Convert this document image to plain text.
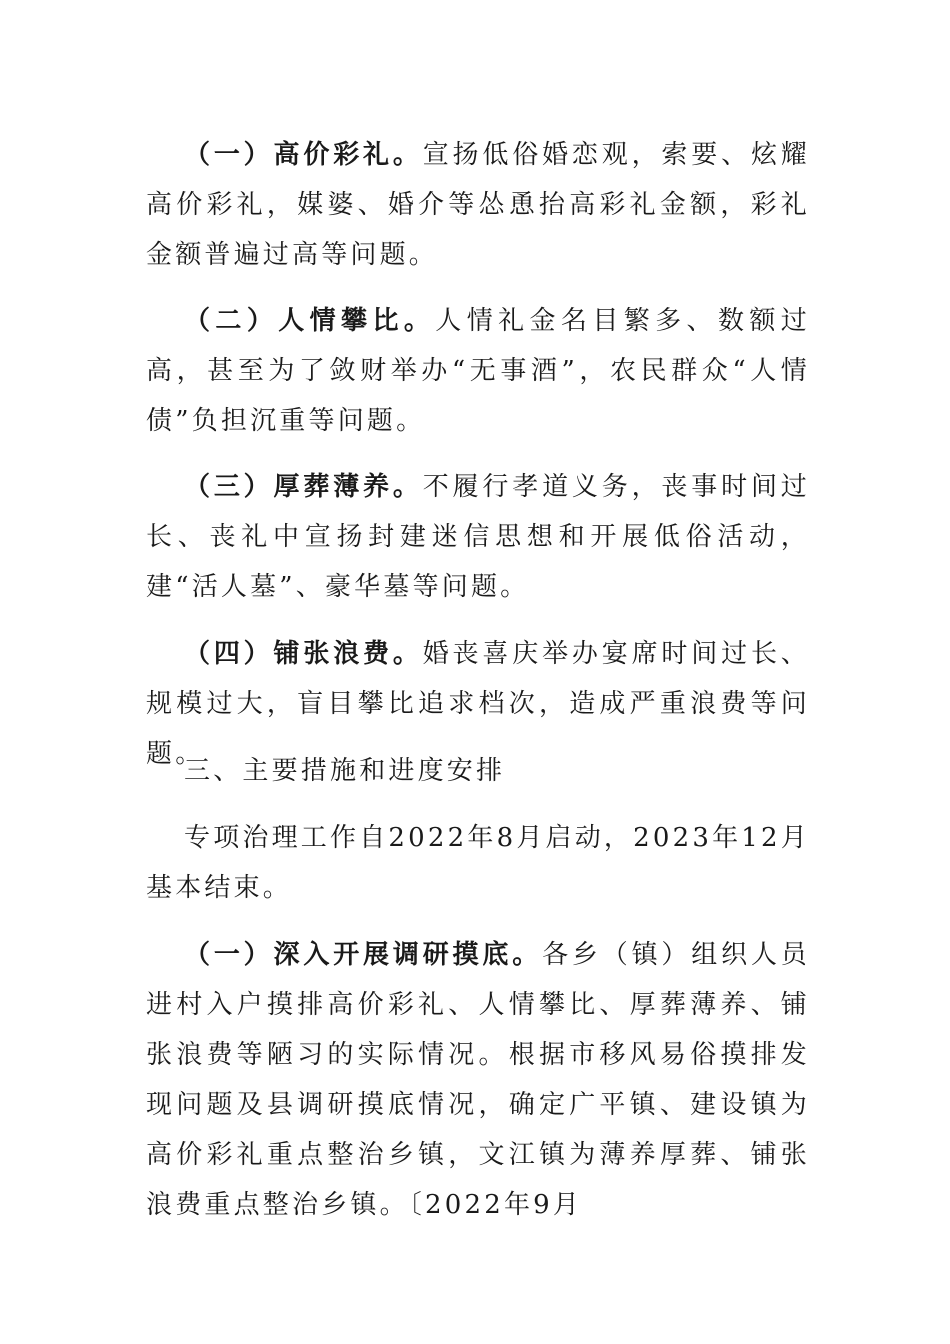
（一）高价彩礼。宣扬低俗婚恋观，索要、炫耀高价彩礼，媒婆、婚介等怂恿抬高彩礼金额，彩礼金额普遍过高等问题。

（二）人情攀比。人情礼金名目繁多、数额过高，甚至为了敛财举办“无事酒”，农民群众“人情债”负担沉重等问题。

（三）厚葬薄养。不履行孝道义务，丧事时间过长、丧礼中宣扬封建迷信思想和开展低俗活动，建“活人墓”、豪华墓等问题。

（四）铺张浪费。婚丧喜庆举办宴席时间过长、规模过大，盲目攀比追求档次，造成严重浪费等问题。

三、主要措施和进度安排

专项治理工作自2022年8月启动，2023年12月基本结束。

（一）深入开展调研摸底。各乡（镇）组织人员进村入户摸排高价彩礼、人情攀比、厚葬薄养、铺张浪费等陋习的实际情况。根据市移风易俗摸排发现问题及县调研摸底情况，确定广平镇、建设镇为高价彩礼重点整治乡镇，文江镇为薄养厚葬、铺张浪费重点整治乡镇。〔2022年9月
